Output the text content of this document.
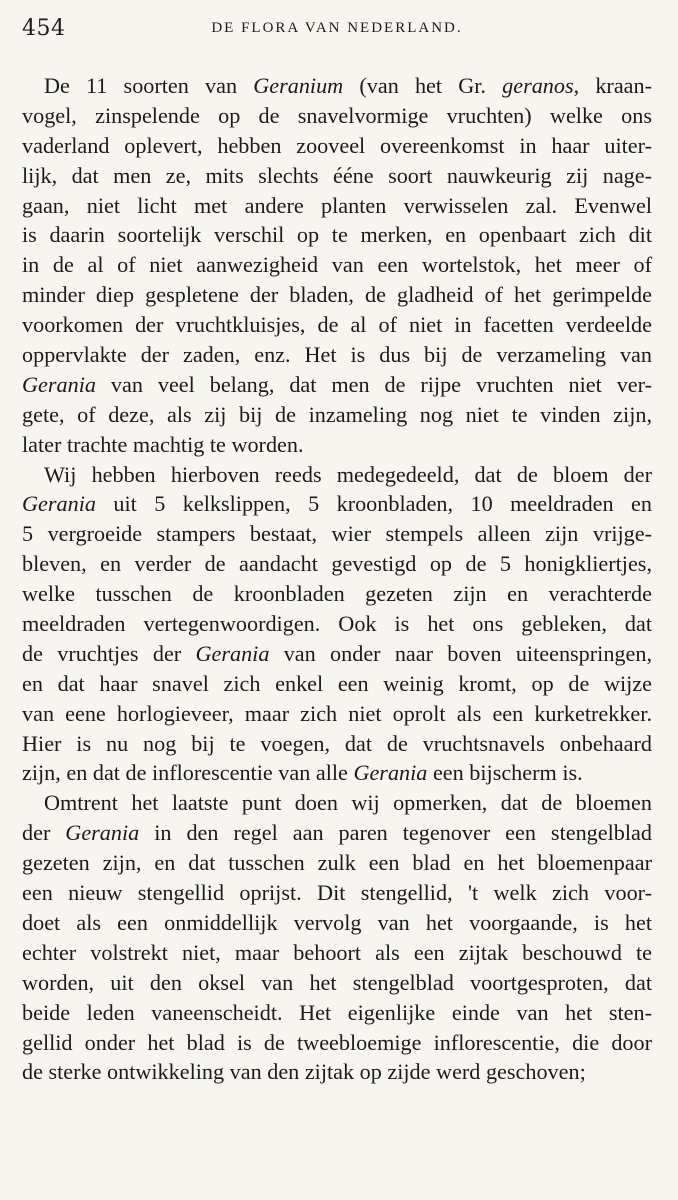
454	DE FLORA VAN NEDERLAND.
De 11 soorten van Geranium (van het Gr. geranos, kraan-
vogel, zinspelende op de snavelvormige vruchten) welke ons
vaderland oplevert, hebben zooveel overeenkomst in haar uiter-
lijk, dat men ze, mits slechts ééne soort nauwkeurig zij nage-
gaan, niet licht met andere planten verwisselen zal. Evenwel
is daarin soortelijk verschil op te merken, en openbaart zich dit
in de al of niet aanwezigheid van een wortelstok, het meer of
minder diep gespletene der bladen, de gladheid of het gerimpelde
voorkomen der vruchtkluisjes, de al of niet in facetten verdeelde
oppervlakte der zaden, enz. Het is dus bij de verzameling van
Gerania van veel belang, dat men de rijpe vruchten niet ver-
gete, of deze, als zij bij de inzameling nog niet te vinden zijn,
later trachte machtig te worden.
Wij hebben hierboven reeds medegedeeld, dat de bloem der
Gerania uit 5 kelkslippen, 5 kroonbladen, 10 meeldraden en
5 vergroeide stampers bestaat, wier stempels alleen zijn vrijge-
bleven, en verder de aandacht gevestigd op de 5 honigkliertjes,
welke tusschen de kroonbladen gezeten zijn en verachterde
meeldraden vertegenwoordigen. Ook is het ons gebleken, dat
de vruchtjes der Gerania van onder naar boven uiteenspringen,
en dat haar snavel zich enkel een weinig kromt, op de wijze
van eene horlogieveer, maar zich niet oprolt als een kurketrekker.
Hier is nu nog bij te voegen, dat de vruchtsnavels onbehaard
zijn, en dat de inflorescentie van alle Gerania een bijscherm is.
Omtrent het laatste punt doen wij opmerken, dat de bloemen
der Gerania in den regel aan paren tegenover een stengelblad
gezeten zijn, en dat tusschen zulk een blad en het bloemenpaar
een nieuw stengellid oprijst. Dit stengellid, 't welk zich voor-
doet als een onmiddellijk vervolg van het voorgaande, is het
echter volstrekt niet, maar behoort als een zijtak beschouwd te
worden, uit den oksel van het stengelblad voortgesproten, dat
beide leden vaneenscheidt. Het eigenlijke einde van het sten-
gellid onder het blad is de tweebloemige inflorescentie, die door
de sterke ontwikkeling van den zijtak op zijde werd geschoven;
